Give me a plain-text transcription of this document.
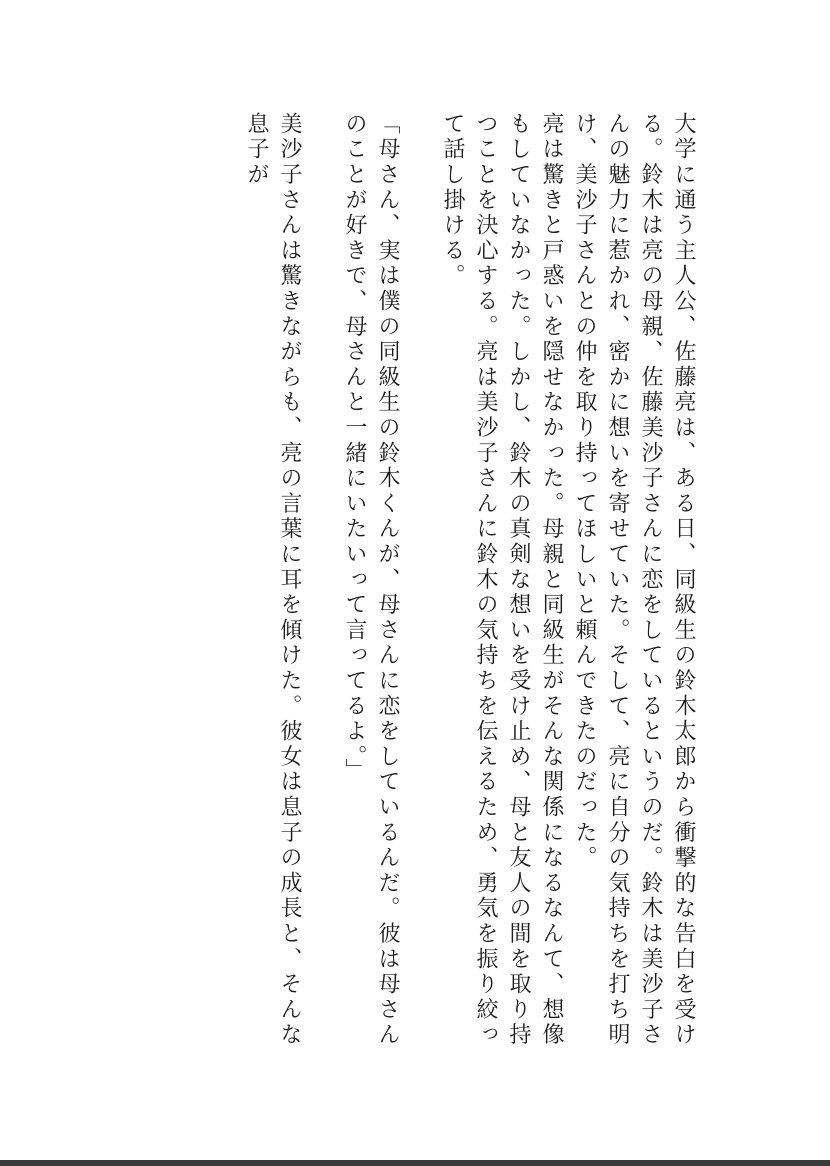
大学に通う主人公、佐藤亮は、ある日、同級生の鈴木太郎から衝撃的な告白を受ける。鈴木は亮の母親、佐藤美沙子さんに恋をしているというのだ。鈴木は美沙子さんの魅力に惹かれ、密かに想いを寄せていた。そして、亮に自分の気持ちを打ち明け、美沙子さんとの仲を取り持ってほしいと頼んできたのだった。

亮は驚きと戸惑いを隠せなかった。母親と同級生がそんな関係になるなんて、想像もしていなかった。しかし、鈴木の真剣な想いを受け止め、母と友人の間を取り持つことを決心する。亮は美沙子さんに鈴木の気持ちを伝えるため、勇気を振り絞って話し掛ける。

「母さん、実は僕の同級生の鈴木くんが、母さんに恋をしているんだ。彼は母さんのことが好きで、母さんと一緒にいたいって言ってるよ。」

美沙子さんは驚きながらも、亮の言葉に耳を傾けた。彼女は息子の成長と、そんな息子が
